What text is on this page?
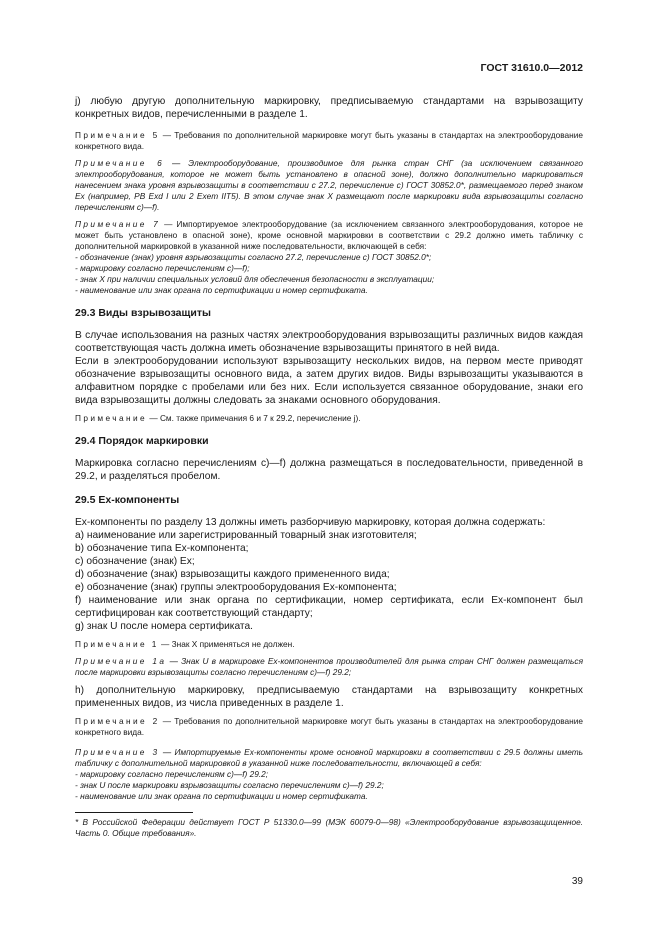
ГОСТ 31610.0—2012

j) любую другую дополнительную маркировку, предписываемую стандартами на взрывозащиту конкретных видов, перечисленными в разделе 1.

Примечание 5 — Требования по дополнительной маркировке могут быть указаны в стандартах на электрооборудование конкретного вида.

Примечание 6 — Электрооборудование, производимое для рынка стран СНГ (за исключением связанного электрооборудования, которое не может быть установлено в опасной зоне), должно дополнительно маркироваться нанесением знака уровня взрывозащиты в соответствии с 27.2, перечисление с) ГОСТ 30852.0*, размещаемого перед знаком Ex (например, PB Exd I или 2 Exem IIT5). В этом случае знак X размещают после маркировки вида взрывозащиты согласно перечислениям с)—f).

Примечание 7 — Импортируемое электрооборудование (за исключением связанного электрооборудования, которое не может быть установлено в опасной зоне), кроме основной маркировки в соответствии с 29.2 должно иметь табличку с дополнительной маркировкой в указанной ниже последовательности, включающей в себя:

- обозначение (знак) уровня взрывозащиты согласно 27.2, перечисление с) ГОСТ 30852.0*;

- маркировку согласно перечислениям с)—f);

- знак X при наличии специальных условий для обеспечения безопасности в эксплуатации;

- наименование или знак органа по сертификации и номер сертификата.

29.3 Виды взрывозащиты

В случае использования на разных частях электрооборудования взрывозащиты различных видов каждая соответствующая часть должна иметь обозначение взрывозащиты принятого в ней вида.

Если в электрооборудовании используют взрывозащиту нескольких видов, на первом месте приводят обозначение взрывозащиты основного вида, а затем других видов. Виды взрывозащиты указываются в алфавитном порядке с пробелами или без них. Если используется связанное оборудование, знаки его вида взрывозащиты должны следовать за знаками основного оборудования.

Примечание — См. также примечания 6 и 7 к 29.2, перечисление j).

29.4 Порядок маркировки

Маркировка согласно перечислениям с)—f) должна размещаться в последовательности, приведенной в 29.2, и разделяться пробелом.

29.5 Ex-компоненты

Ex-компоненты по разделу 13 должны иметь разборчивую маркировку, которая должна содержать:

a) наименование или зарегистрированный товарный знак изготовителя;

b) обозначение типа Ex-компонента;

c) обозначение (знак) Ex;

d) обозначение (знак) взрывозащиты каждого примененного вида;

e) обозначение (знак) группы электрооборудования Ex-компонента;

f) наименование или знак органа по сертификации, номер сертификата, если Ex-компонент был сертифицирован как соответствующий стандарту;

g) знак U после номера сертификата.

Примечание 1 — Знак X применяться не должен.

Примечание 1а — Знак U в маркировке Ex-компонентов производителей для рынка стран СНГ должен размещаться после маркировки взрывозащиты согласно перечислениям с)—f) 29.2;

h) дополнительную маркировку, предписываемую стандартами на взрывозащиту конкретных примененных видов, из числа приведенных в разделе 1.

Примечание 2 — Требования по дополнительной маркировке могут быть указаны в стандартах на электрооборудование конкретного вида.

Примечание 3 — Импортируемые Ex-компоненты кроме основной маркировки в соответствии с 29.5 должны иметь табличку с дополнительной маркировкой в указанной ниже последовательности, включающей в себя:

- маркировку согласно перечислениям с)—f) 29.2;

- знак U после маркировки взрывозащиты согласно перечислениям с)—f) 29.2;

- наименование или знак органа по сертификации и номер сертификата.

* В Российской Федерации действует ГОСТ Р 51330.0—99 (МЭК 60079-0—98) «Электрооборудование взрывозащищенное. Часть 0. Общие требования».

39
